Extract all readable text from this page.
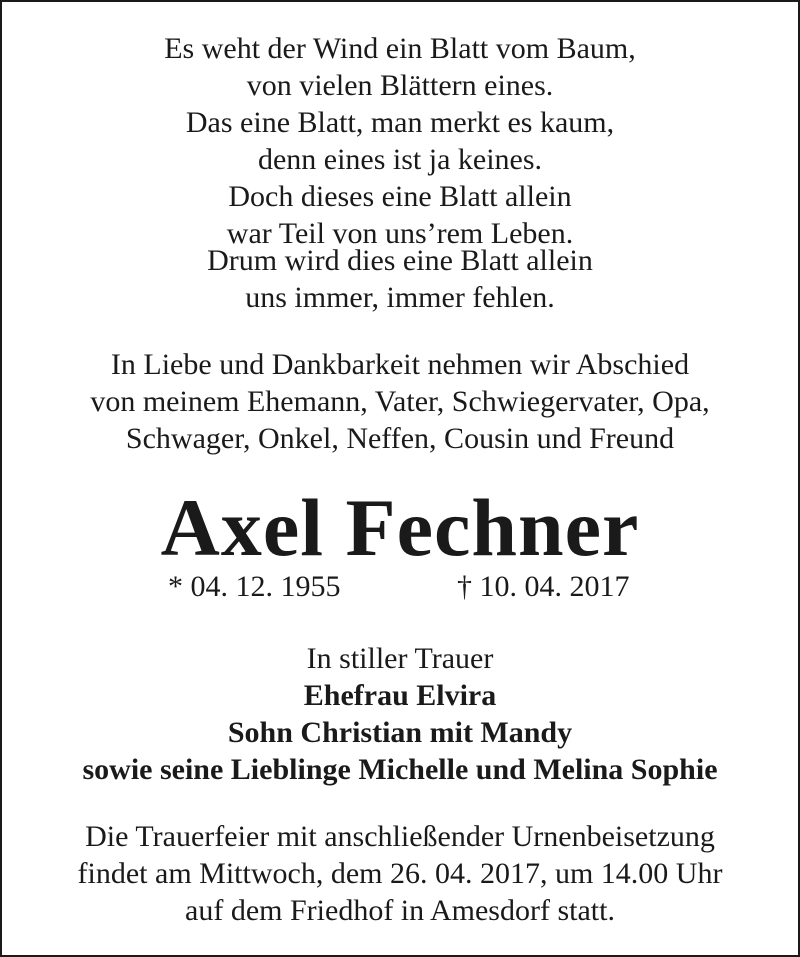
Es weht der Wind ein Blatt vom Baum,
von vielen Blättern eines.
Das eine Blatt, man merkt es kaum,
denn eines ist ja keines.
Doch dieses eine Blatt allein
war Teil von uns’rem Leben.
Drum wird dies eine Blatt allein
uns immer, immer fehlen.
In Liebe und Dankbarkeit nehmen wir Abschied
von meinem Ehemann, Vater, Schwiegervater, Opa,
Schwager, Onkel, Neffen, Cousin und Freund
Axel Fechner
* 04. 12. 1955	† 10. 04. 2017
In stiller Trauer
Ehefrau Elvira
Sohn Christian mit Mandy
sowie seine Lieblinge Michelle und Melina Sophie
Die Trauerfeier mit anschließender Urnenbeisetzung
findet am Mittwoch, dem 26. 04. 2017, um 14.00 Uhr
auf dem Friedhof in Amesdorf statt.
